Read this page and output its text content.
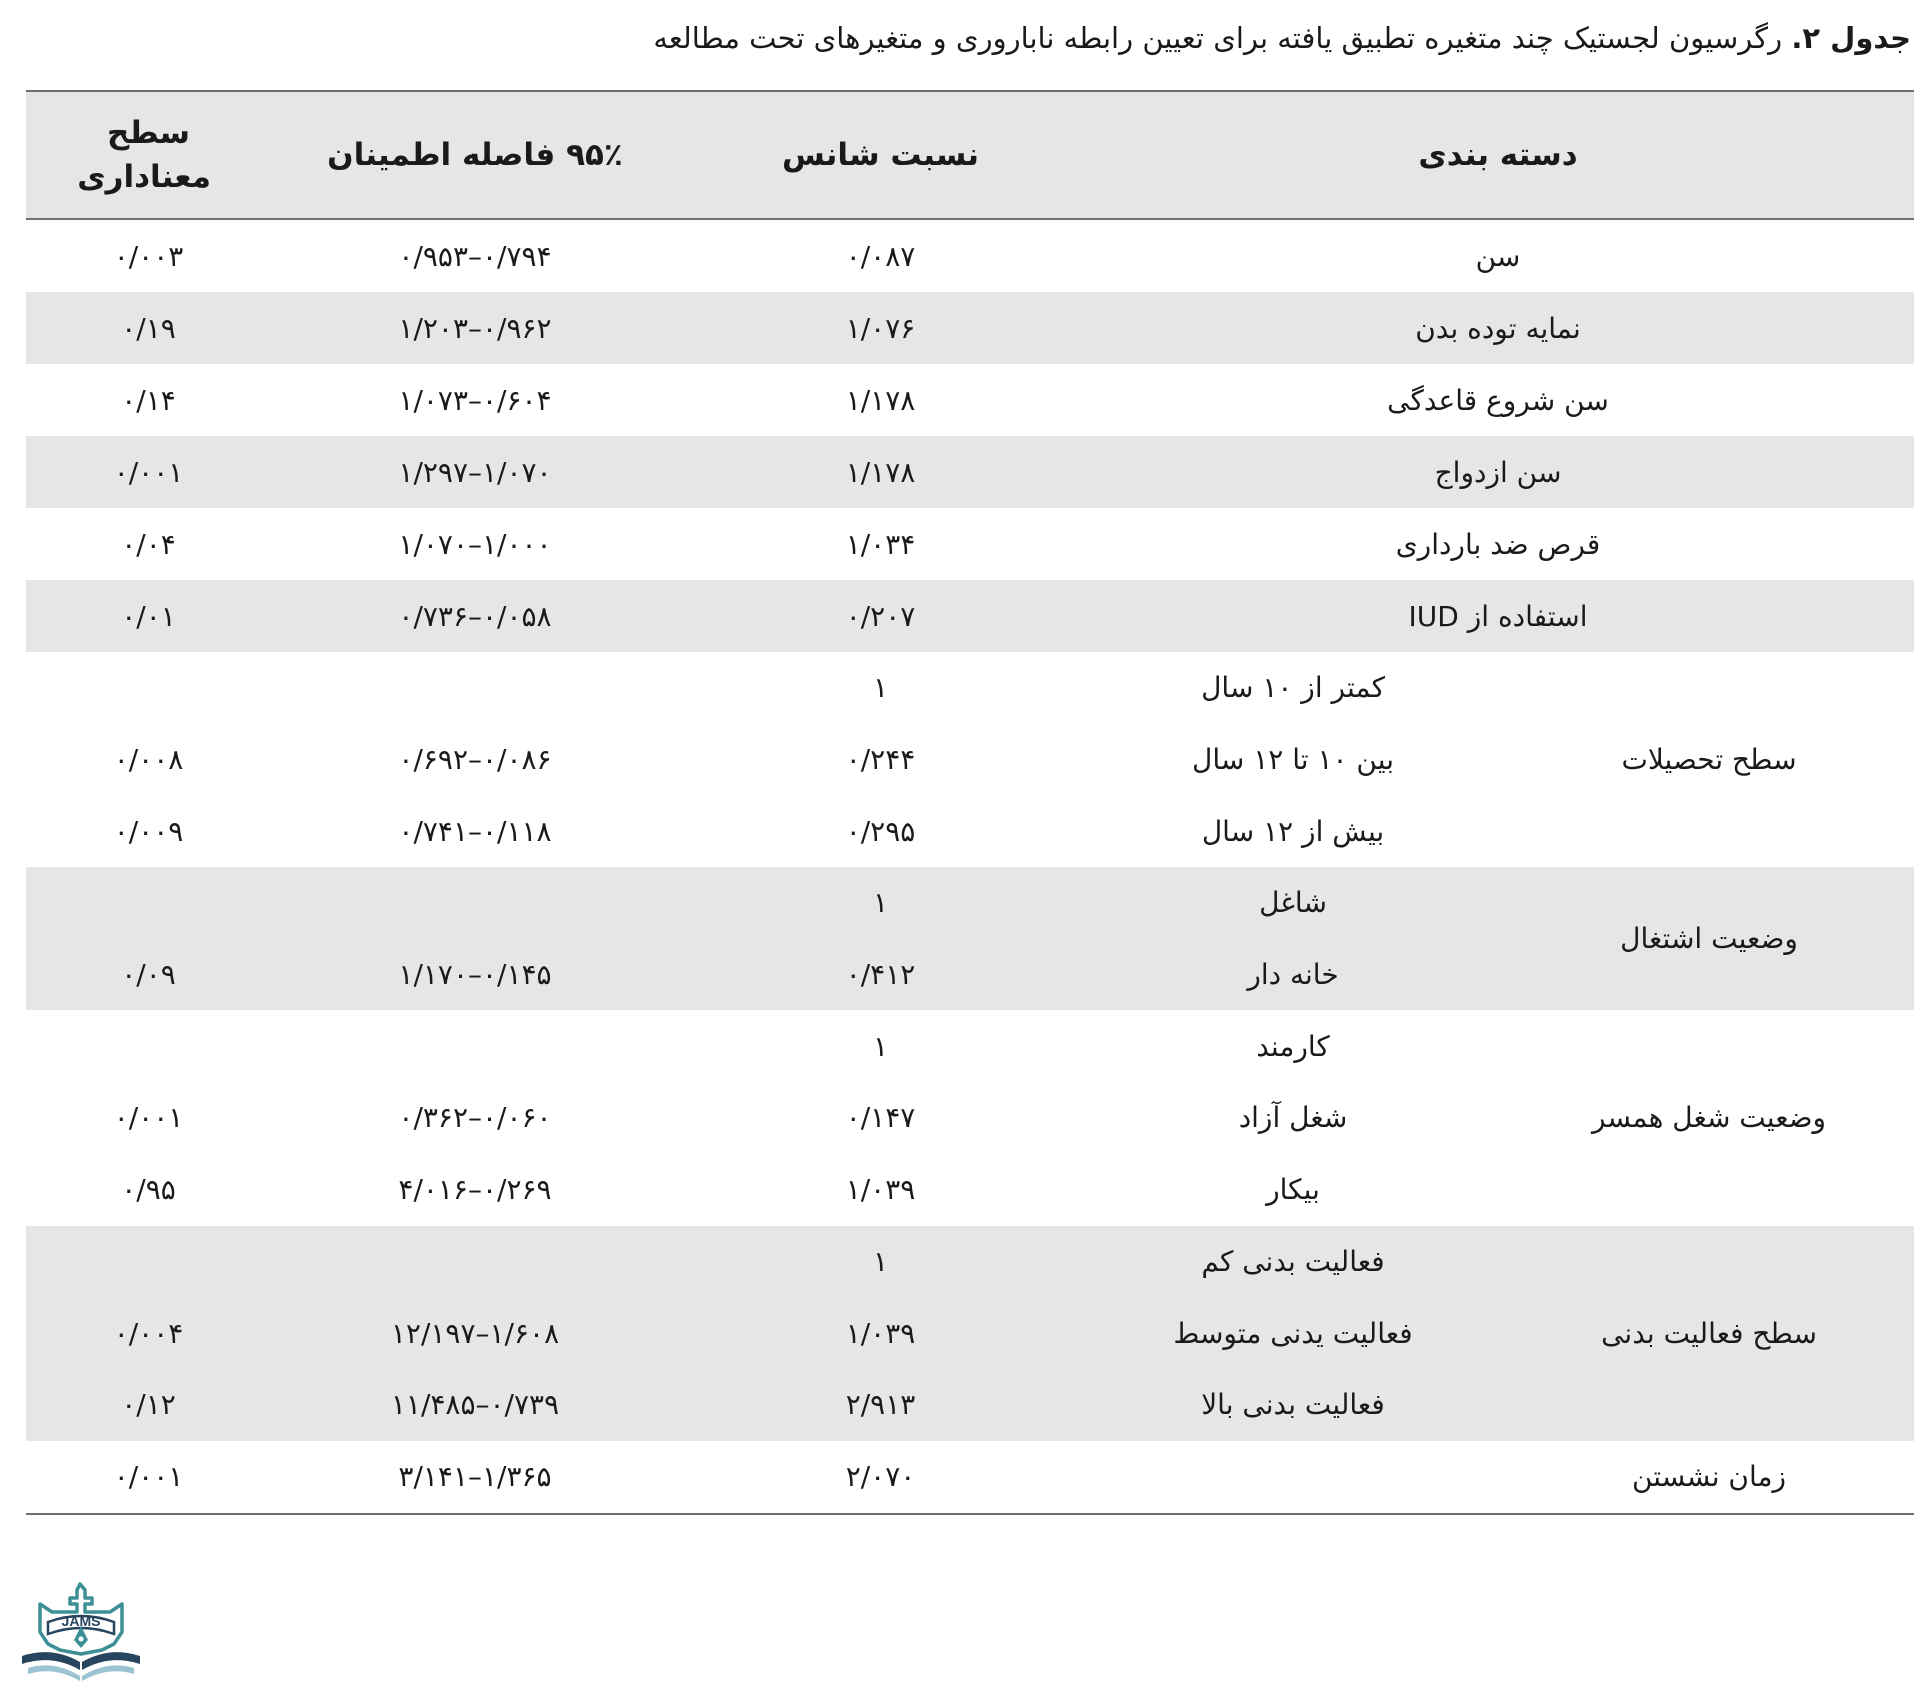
جدول ۲. رگرسیون لجستیک چند متغیره تطبیق یافته برای تعیین رابطه ناباروری و متغیرهای تحت مطالعه
سطح معناداری	۹۵٪ فاصله اطمینان	نسبت شانس	دسته بندی	
۰/۰۰۳	۰/۷۹۴–۰/۹۵۳	۰/۰۸۷	سن	
۰/۱۹	۰/۹۶۲–۱/۲۰۳	۱/۰۷۶	نمایه توده بدن	
۰/۱۴	۰/۶۰۴–۱/۰۷۳	۱/۱۷۸	سن شروع قاعدگی	
۰/۰۰۱	۱/۰۷۰–۱/۲۹۷	۱/۱۷۸	سن ازدواج	
۰/۰۴	۱/۰۰۰–۱/۰۷۰	۱/۰۳۴	قرص ضد بارداری	
۰/۰۱	۰/۰۵۸–۰/۷۳۶	۰/۲۰۷	استفاده از IUD	
		۱	کمتر از ۱۰ سال	سطح تحصیلات
۰/۰۰۸	۰/۰۸۶–۰/۶۹۲	۰/۲۴۴	بین ۱۰ تا ۱۲ سال	
۰/۰۰۹	۰/۱۱۸–۰/۷۴۱	۰/۲۹۵	بیش از ۱۲ سال	
		۱	شاغل	وضعیت اشتغال
۰/۰۹	۰/۱۴۵–۱/۱۷۰	۰/۴۱۲	خانه دار	
		۱	کارمند	وضعیت شغل همسر
۰/۰۰۱	۰/۰۶۰–۰/۳۶۲	۰/۱۴۷	شغل آزاد	
۰/۹۵	۰/۲۶۹–۴/۰۱۶	۱/۰۳۹	بیکار	
		۱	فعالیت بدنی کم	سطح فعالیت بدنی
۰/۰۰۴	۱/۶۰۸–۱۲/۱۹۷	۱/۰۳۹	فعالیت یدنی متوسط	
۰/۱۲	۰/۷۳۹–۱۱/۴۸۵	۲/۹۱۳	فعالیت بدنی بالا	
۰/۰۰۱	۱/۳۶۵–۳/۱۴۱	۲/۰۷۰		زمان نشستن
JAMS
